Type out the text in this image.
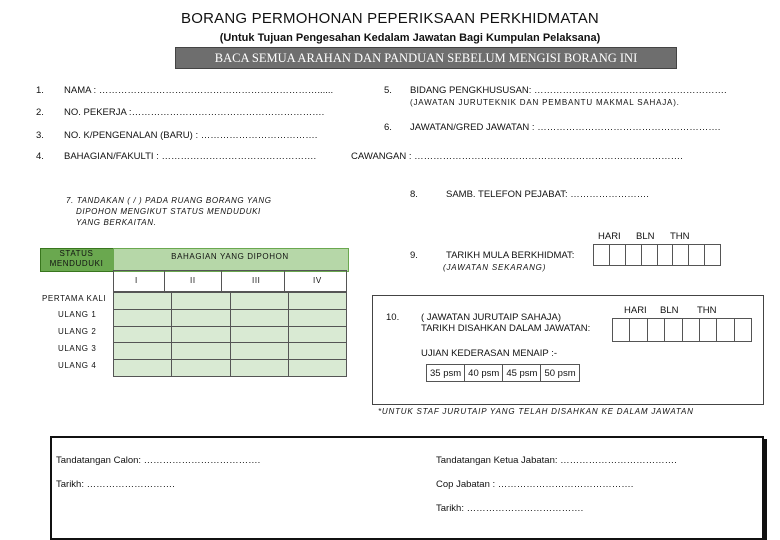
BORANG PERMOHONAN PEPERIKSAAN PERKHIDMATAN
(Untuk Tujuan Pengesahan Kedalam Jawatan Bagi Kumpulan Pelaksana)
BACA SEMUA ARAHAN DAN PANDUAN SEBELUM MENGISI BORANG INI
1. NAMA : ……………………………………………………………......
2. NO. PEKERJA :…………………………………………………….
3. NO. K/PENGENALAN (BARU) : ……………………………….
4. BAHAGIAN/FAKULTI : ………………………………………….
5. BIDANG PENGKHUSUSAN: …………………………………………………….
(JAWATAN JURUTEKNIK DAN PEMBANTU MAKMAL SAHAJA).
6. JAWATAN/GRED JAWATAN : ………………………………………………….
CAWANGAN : ………………………………………………………………………….
7. TANDAKAN ( / ) PADA RUANG BORANG YANG
DIPOHON MENGIKUT STATUS MENDUDUKI
YANG BERKAITAN.
8.	SAMB. TELEFON PEJABAT: …………………….
HARI BLN THN

9.	TARIKH MULA BERKHIDMAT:
(JAWATAN SEKARANG)
STATUS MENDUDUKI
BAHAGIAN YANG DIPOHON
I	II	III	IV

PERTAMA KALI
ULANG 1
ULANG 2
ULANG 3
ULANG 4
10. ( JAWATAN JURUTAIP SAHAJA)
TARIKH DISAHKAN DALAM JAWATAN:
HARI BLN THN

UJIAN KEDERASAN MENAIP :-
35 psm	40 psm	45 psm	50 psm
*UNTUK STAF JURUTAIP YANG TELAH DISAHKAN KE DALAM JAWATAN
Tandatangan Calon: ……………………………….
Tarikh: ……………………….
Tandatangan Ketua Jabatan: ……………………………….
Cop Jabatan : …………………………………….
Tarikh: ……………………………….
